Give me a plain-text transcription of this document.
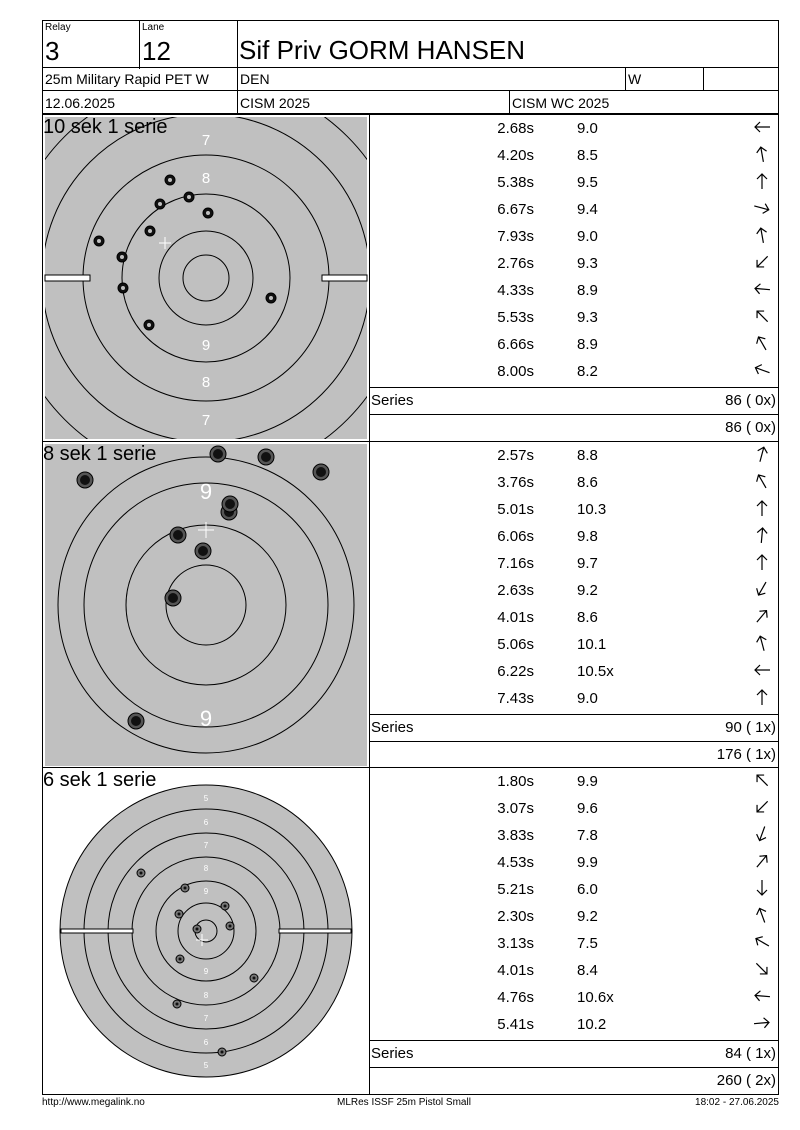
Relay
3
Lane
12	Sif Priv GORM HANSEN
25m Military Rapid PET W DEN	W
12.06.2025	CISM 2025	CISM WC 2025
7
8
9
8
7
10 sek 1 serie	2.68s	9.0
4.20s	8.5
5.38s	9.5
6.67s	9.4
7.93s	9.0
2.76s	9.3
4.33s	8.9
5.53s	9.3
6.66s	8.9
8.00s	8.2
Series	86 ( 0x)
86 ( 0x)
9
9
8 sek 1 serie	2.57s	8.8
3.76s	8.6
5.01s	10.3
6.06s	9.8
7.16s	9.7
2.63s	9.2
4.01s	8.6
5.06s	10.1
6.22s	10.5x
7.43s	9.0
Series	90 ( 1x)
176 ( 1x)
5
6
7
8
9
9
8
7
6
5
6 sek 1 serie	1.80s	9.9
3.07s	9.6
3.83s	7.8
4.53s	9.9
5.21s	6.0
2.30s	9.2
3.13s	7.5
4.01s	8.4
4.76s	10.6x
5.41s	10.2
Series	84 ( 1x)
260 ( 2x)
http://www.megalink.no	MLRes ISSF 25m Pistol Small	18:02 - 27.06.2025
